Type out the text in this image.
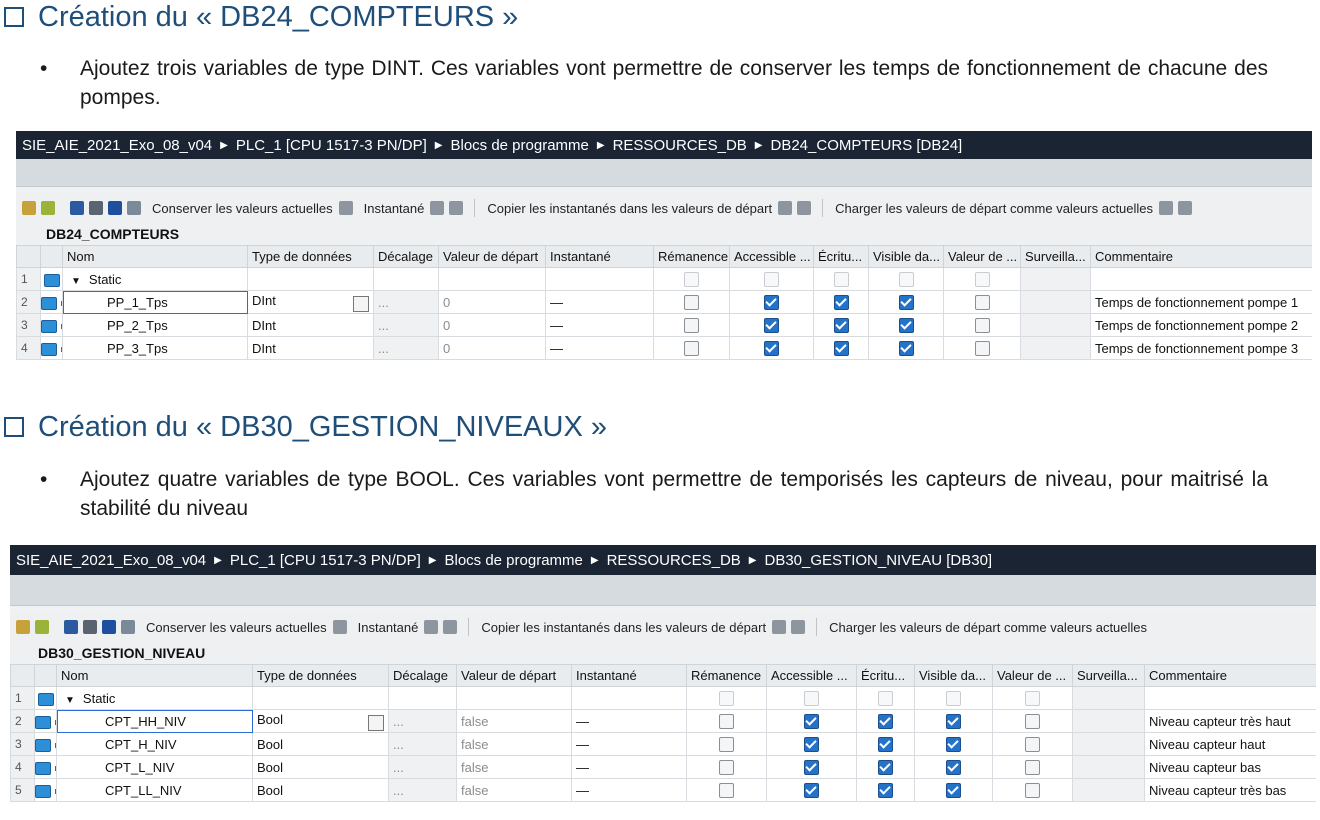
Création du « DB24_COMPTEURS »
•	Ajoutez trois variables de type DINT. Ces variables vont permettre de conserver les temps de fonctionnement de chacune des pompes.
SIE_AIE_2021_Exo_08_v04 ▶ PLC_1 [CPU 1517-3 PN/DP] ▶ Blocs de programme ▶ RESSOURCES_DB ▶ DB24_COMPTEURS [DB24]
Conserver les valeurs actuelles Instantané	Copier les instantanés dans les valeurs de départ	Charger les valeurs de départ comme valeurs actuelles
DB24_COMPTEURS
		Nom	Type de données	Décalage	Valeur de départ	Instantané	Rémanence	Accessible ...	Écritu...	Visible da...	Valeur de ...	Surveilla...	Commentaire
1		▼ Static											
2		PP_1_Tps	DInt	...	0	—							Temps de fonctionnement pompe 1
3		PP_2_Tps	DInt	...	0	—							Temps de fonctionnement pompe 2
4		PP_3_Tps	DInt	...	0	—							Temps de fonctionnement pompe 3
Création du « DB30_GESTION_NIVEAUX »
•	Ajoutez quatre variables de type BOOL. Ces variables vont permettre de temporisés les capteurs de niveau, pour maitrisé la stabilité du niveau
SIE_AIE_2021_Exo_08_v04 ▶ PLC_1 [CPU 1517-3 PN/DP] ▶ Blocs de programme ▶ RESSOURCES_DB ▶ DB30_GESTION_NIVEAU [DB30]
Conserver les valeurs actuelles Instantané	Copier les instantanés dans les valeurs de départ	Charger les valeurs de départ comme valeurs actuelles
DB30_GESTION_NIVEAU
		Nom	Type de données	Décalage	Valeur de départ	Instantané	Rémanence	Accessible ...	Écritu...	Visible da...	Valeur de ...	Surveilla...	Commentaire
1		▼ Static											
2		CPT_HH_NIV	Bool	...	false	—							Niveau capteur très haut
3		CPT_H_NIV	Bool	...	false	—							Niveau capteur haut
4		CPT_L_NIV	Bool	...	false	—							Niveau capteur bas
5		CPT_LL_NIV	Bool	...	false	—							Niveau capteur très bas
